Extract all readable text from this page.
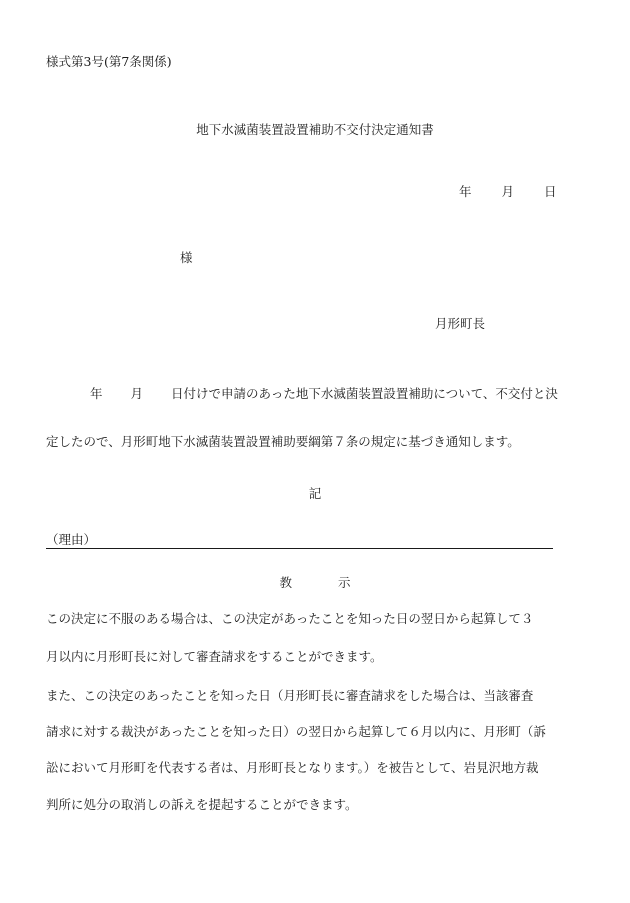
様式第3号(第7条関係)
地下水滅菌装置設置補助不交付決定通知書
年 月 日
様
月形町長
年 月 日付けで申請のあった地下水滅菌装置設置補助について、不交付と決
定したので、月形町地下水滅菌装置設置補助要綱第７条の規定に基づき通知します。
記
（理由）
教	示
この決定に不服のある場合は、この決定があったことを知った日の翌日から起算して３
月以内に月形町長に対して審査請求をすることができます。
また、この決定のあったことを知った日（月形町長に審査請求をした場合は、当該審査
請求に対する裁決があったことを知った日）の翌日から起算して６月以内に、月形町（訴
訟において月形町を代表する者は、月形町長となります。）を被告として、岩見沢地方裁
判所に処分の取消しの訴えを提起することができます。
